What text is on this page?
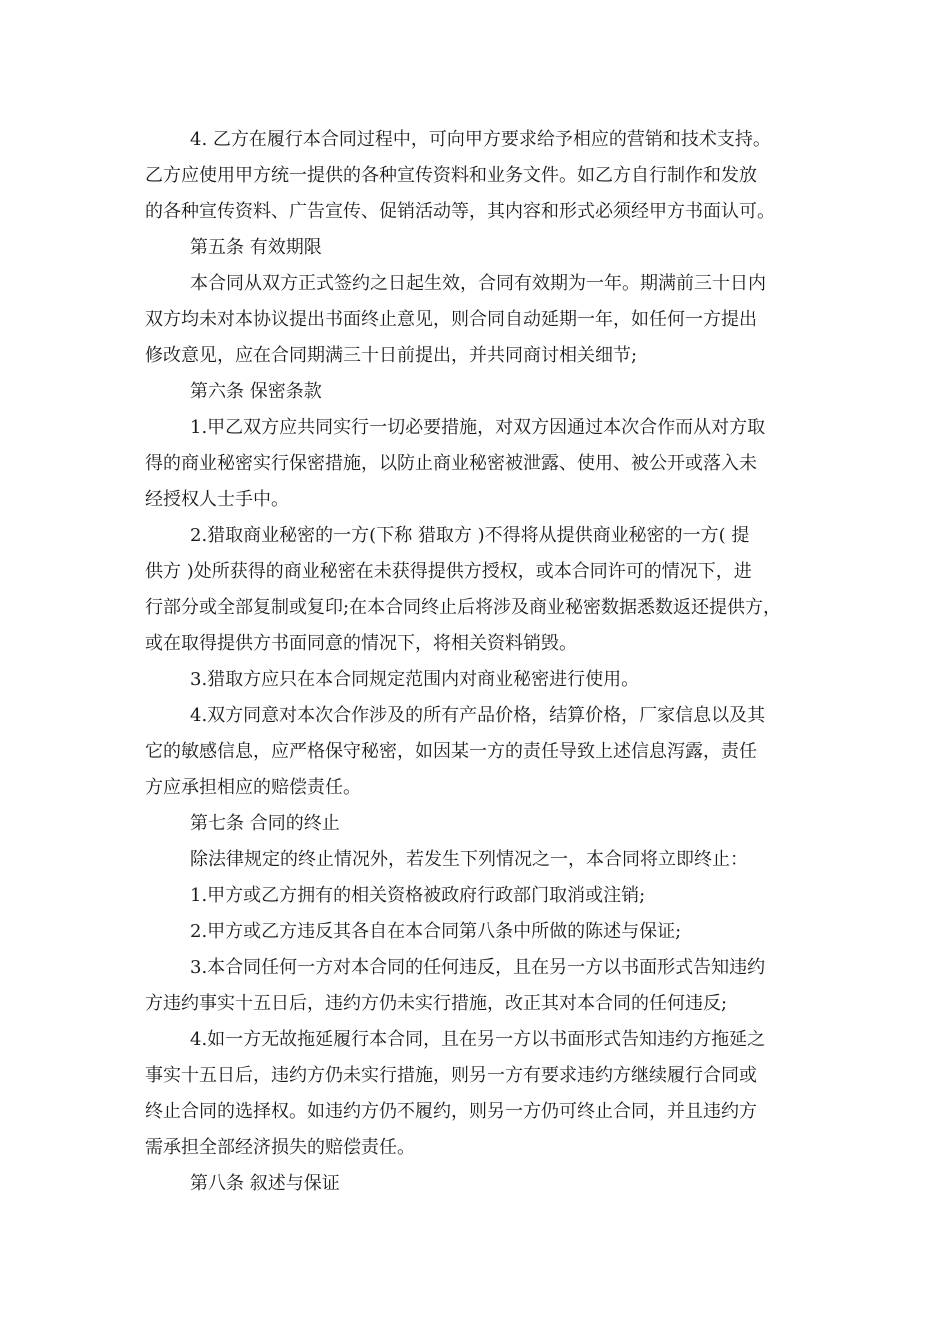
4. 乙方在履行本合同过程中，可向甲方要求给予相应的营销和技术支持。
乙方应使用甲方统一提供的各种宣传资料和业务文件。如乙方自行制作和发放
的各种宣传资料、广告宣传、促销活动等，其内容和形式必须经甲方书面认可。
第五条 有效期限
本合同从双方正式签约之日起生效，合同有效期为一年。期满前三十日内
双方均未对本协议提出书面终止意见，则合同自动延期一年，如任何一方提出
修改意见，应在合同期满三十日前提出，并共同商讨相关细节;
第六条 保密条款
1.甲乙双方应共同实行一切必要措施，对双方因通过本次合作而从对方取
得的商业秘密实行保密措施，以防止商业秘密被泄露、使用、被公开或落入未
经授权人士手中。
2.猎取商业秘密的一方(下称 猎取方 )不得将从提供商业秘密的一方( 提
供方 )处所获得的商业秘密在未获得提供方授权，或本合同许可的情况下，进
行部分或全部复制或复印;在本合同终止后将涉及商业秘密数据悉数返还提供方，
或在取得提供方书面同意的情况下，将相关资料销毁。
3.猎取方应只在本合同规定范围内对商业秘密进行使用。
4.双方同意对本次合作涉及的所有产品价格，结算价格，厂家信息以及其
它的敏感信息，应严格保守秘密，如因某一方的责任导致上述信息泻露，责任
方应承担相应的赔偿责任。
第七条 合同的终止
除法律规定的终止情况外，若发生下列情况之一，本合同将立即终止：
1.甲方或乙方拥有的相关资格被政府行政部门取消或注销;
2.甲方或乙方违反其各自在本合同第八条中所做的陈述与保证;
3.本合同任何一方对本合同的任何违反，且在另一方以书面形式告知违约
方违约事实十五日后，违约方仍未实行措施，改正其对本合同的任何违反;
4.如一方无故拖延履行本合同，且在另一方以书面形式告知违约方拖延之
事实十五日后，违约方仍未实行措施，则另一方有要求违约方继续履行合同或
终止合同的选择权。如违约方仍不履约，则另一方仍可终止合同，并且违约方
需承担全部经济损失的赔偿责任。
第八条 叙述与保证
